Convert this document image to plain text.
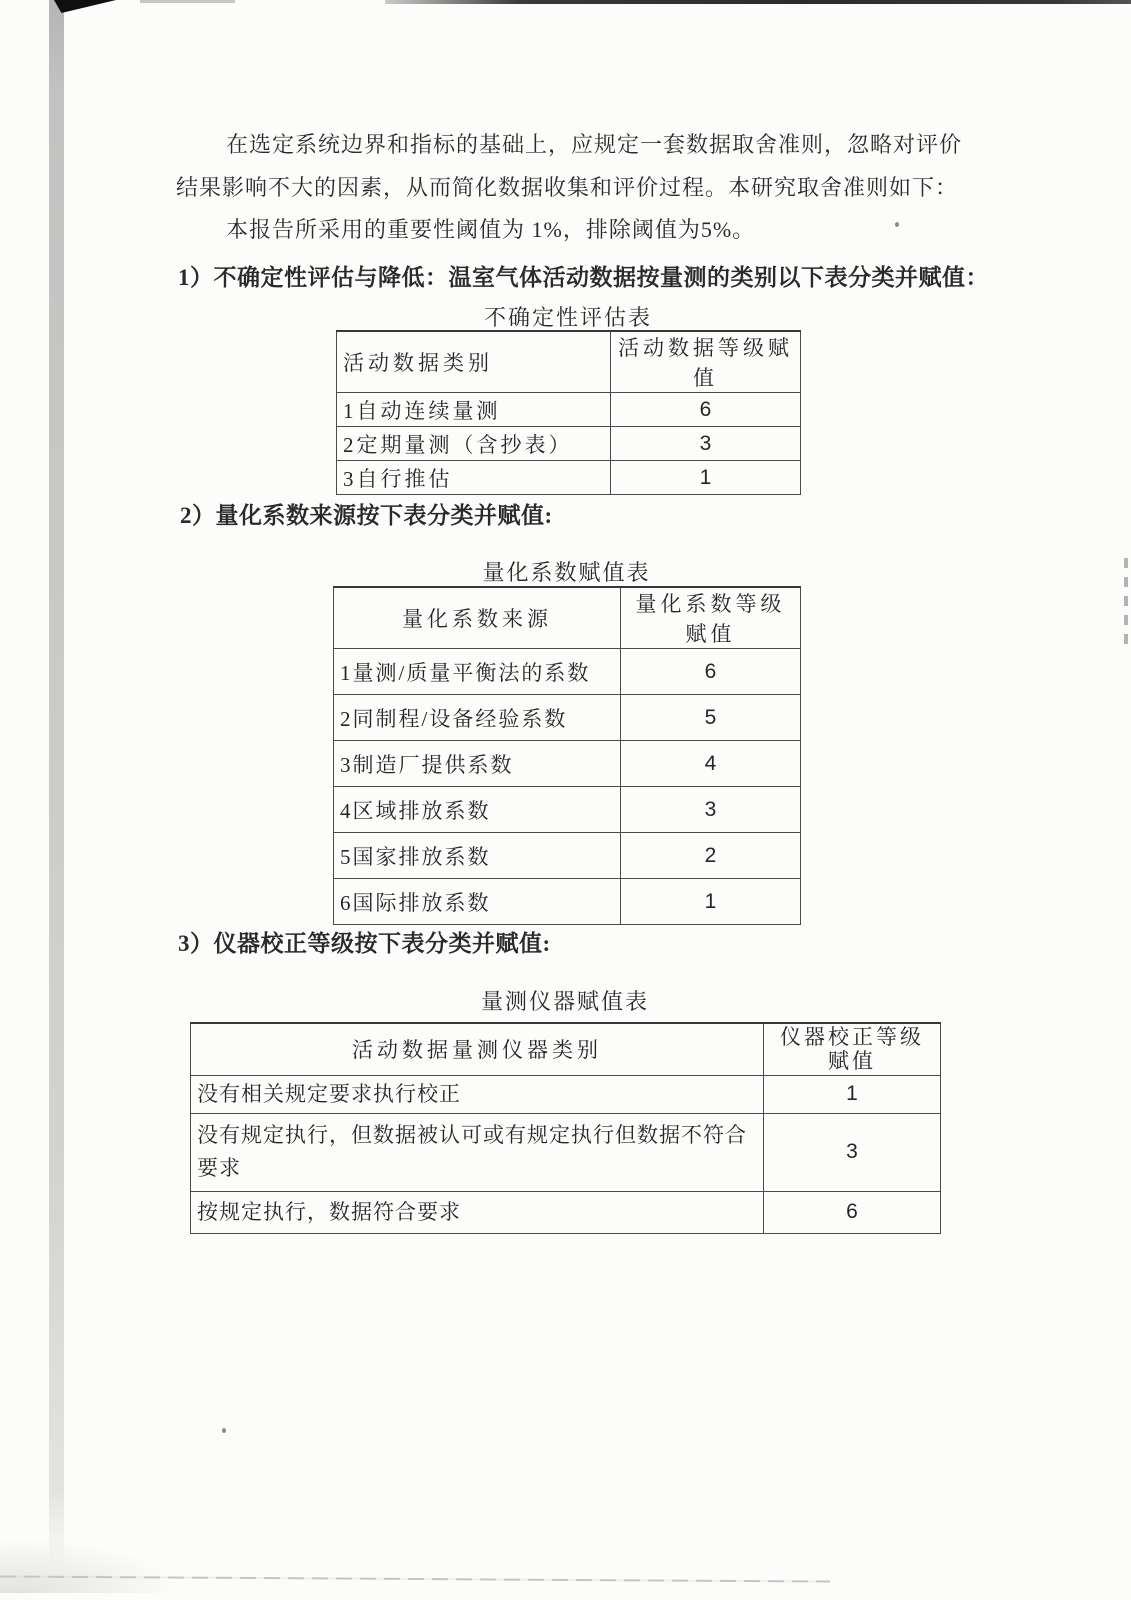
在选定系统边界和指标的基础上，应规定一套数据取舍准则，忽略对评价
结果影响不大的因素，从而简化数据收集和评价过程。本研究取舍准则如下：
本报告所采用的重要性阈值为 1%，排除阈值为5%。
1）不确定性评估与降低：温室气体活动数据按量测的类别以下表分类并赋值：
不确定性评估表
活动数据类别	活动数据等级赋值
1自动连续量测	6
2定期量测（含抄表）	3
3自行推估	1
2）量化系数来源按下表分类并赋值:
量化系数赋值表
量化系数来源	量化系数等级赋值
1量测/质量平衡法的系数	6
2同制程/设备经验系数	5
3制造厂提供系数	4
4区域排放系数	3
5国家排放系数	2
6国际排放系数	1
3）仪器校正等级按下表分类并赋值:
量测仪器赋值表
活动数据量测仪器类别	仪器校正等级赋值
没有相关规定要求执行校正	1
没有规定执行，但数据被认可或有规定执行但数据不符合要求	3
按规定执行，数据符合要求	6
